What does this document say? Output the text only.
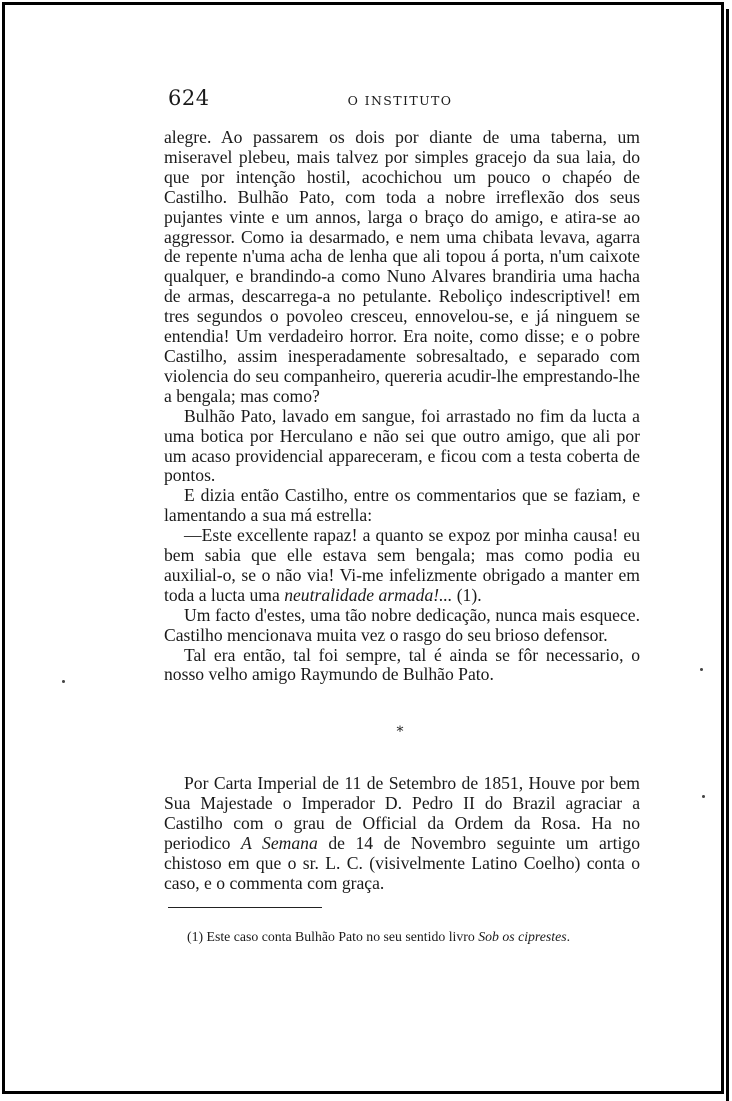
624	O INSTITUTO

alegre. Ao passarem os dois por diante de uma taberna, um miseravel plebeu, mais talvez por simples gracejo da sua laia, do que por intenção hostil, acochichou um pouco o chapéo de Castilho. Bulhão Pato, com toda a nobre irreflexão dos seus pujantes vinte e um annos, larga o braço do amigo, e atira-se ao aggressor. Como ia desarmado, e nem uma chibata levava, agarra de repente n'uma acha de lenha que ali topou á porta, n'um caixote qualquer, e brandindo-a como Nuno Alvares brandiria uma hacha de armas, descarrega-a no petulante. Reboliço indescriptivel! em tres segundos o povoleo cresceu, ennovelou-se, e já ninguem se entendia! Um verdadeiro horror. Era noite, como disse; e o pobre Castilho, assim inesperadamente sobresaltado, e separado com violencia do seu companheiro, quereria acudir-lhe emprestando-lhe a bengala; mas como?

Bulhão Pato, lavado em sangue, foi arrastado no fim da lucta a uma botica por Herculano e não sei que outro amigo, que ali por um acaso providencial appareceram, e ficou com a testa coberta de pontos.

E dizia então Castilho, entre os commentarios que se faziam, e lamentando a sua má estrella:

—Este excellente rapaz! a quanto se expoz por minha causa! eu bem sabia que elle estava sem bengala; mas como podia eu auxilial-o, se o não via! Vi-me infelizmente obrigado a manter em toda a lucta uma neutralidade armada!... (1).

Um facto d'estes, uma tão nobre dedicação, nunca mais esquece. Castilho mencionava muita vez o rasgo do seu brioso defensor.

Tal era então, tal foi sempre, tal é ainda se fôr necessario, o nosso velho amigo Raymundo de Bulhão Pato.

*

Por Carta Imperial de 11 de Setembro de 1851, Houve por bem Sua Majestade o Imperador D. Pedro II do Brazil agraciar a Castilho com o grau de Official da Ordem da Rosa. Ha no periodico A Semana de 14 de Novembro seguinte um artigo chistoso em que o sr. L. C. (visivelmente Latino Coelho) conta o caso, e o commenta com graça.

(1) Este caso conta Bulhão Pato no seu sentido livro Sob os ciprestes.
